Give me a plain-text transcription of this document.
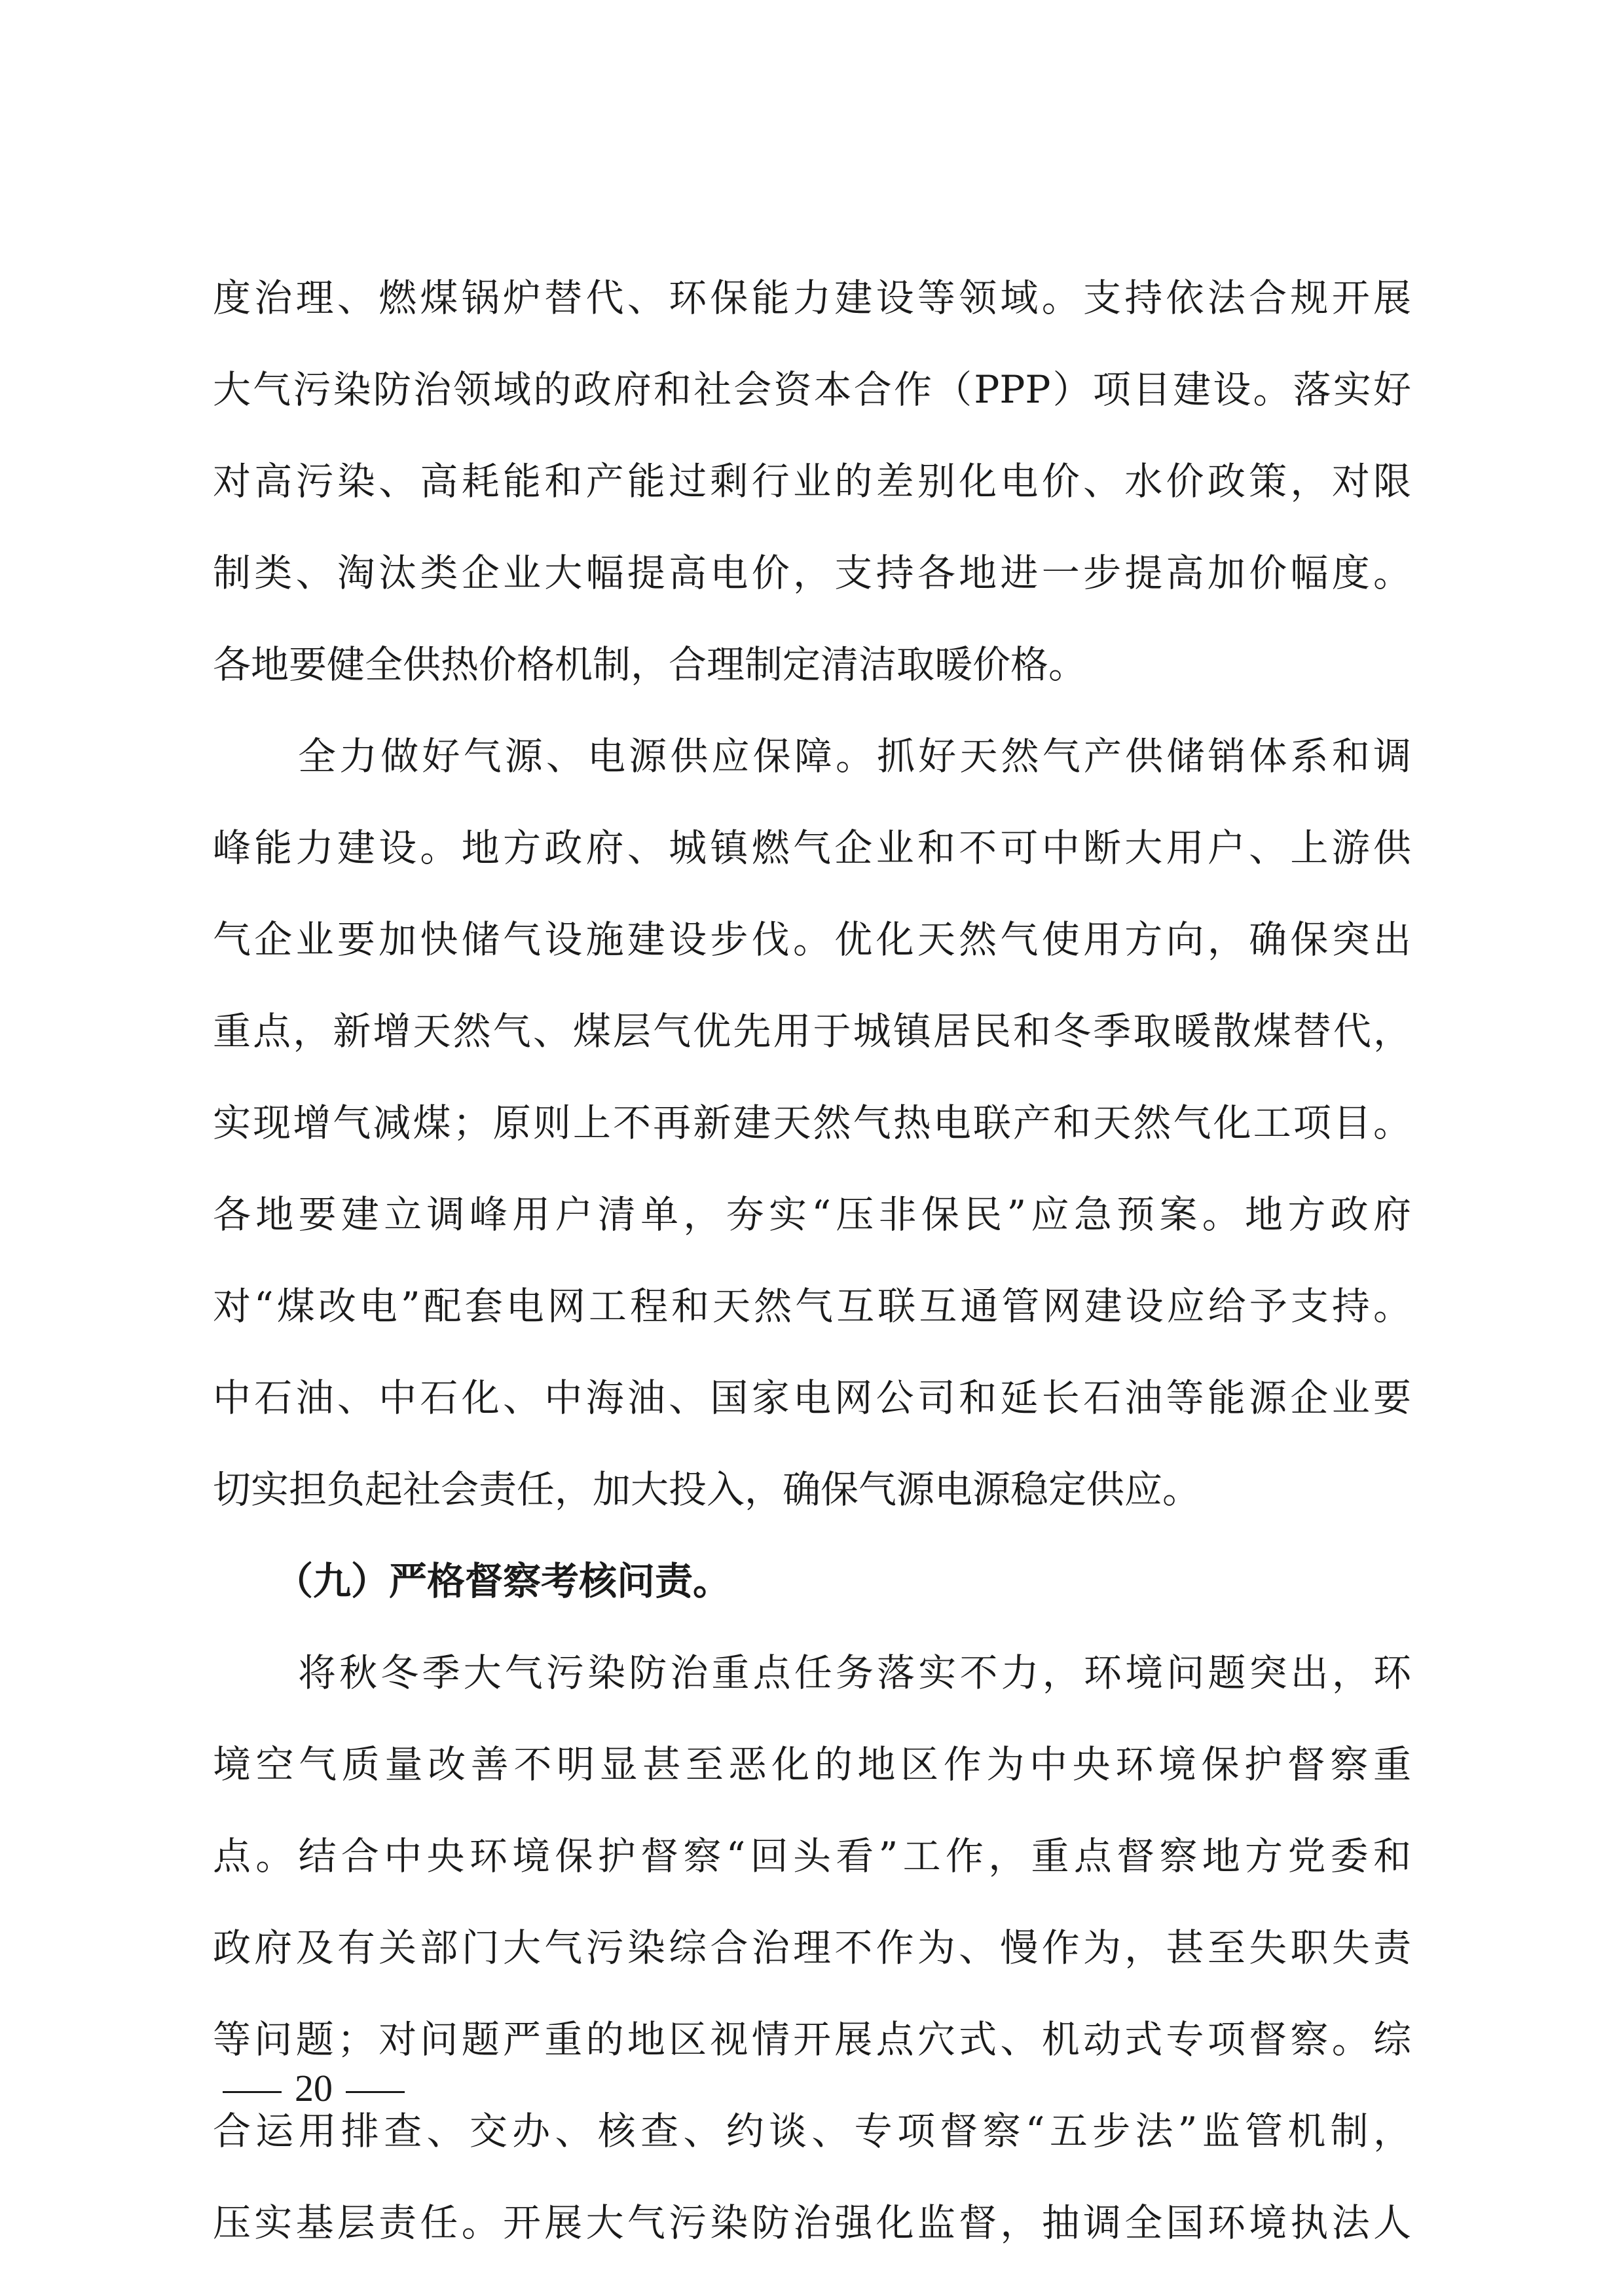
度治理、燃煤锅炉替代、环保能力建设等领域。支持依法合规开展
大气污染防治领域的政府和社会资本合作（PPP）项目建设。落实好
对高污染、高耗能和产能过剩行业的差别化电价、水价政策，对限
制类、淘汰类企业大幅提高电价，支持各地进一步提高加价幅度。
各地要健全供热价格机制，合理制定清洁取暖价格。
全力做好气源、电源供应保障。抓好天然气产供储销体系和调
峰能力建设。地方政府、城镇燃气企业和不可中断大用户、上游供
气企业要加快储气设施建设步伐。优化天然气使用方向，确保突出
重点，新增天然气、煤层气优先用于城镇居民和冬季取暖散煤替代，
实现增气减煤；原则上不再新建天然气热电联产和天然气化工项目。
各地要建立调峰用户清单，夯实“压非保民”应急预案。地方政府
对“煤改电”配套电网工程和天然气互联互通管网建设应给予支持。
中石油、中石化、中海油、国家电网公司和延长石油等能源企业要
切实担负起社会责任，加大投入，确保气源电源稳定供应。
（九）严格督察考核问责。
将秋冬季大气污染防治重点任务落实不力，环境问题突出，环
境空气质量改善不明显甚至恶化的地区作为中央环境保护督察重
点。结合中央环境保护督察“回头看”工作，重点督察地方党委和
政府及有关部门大气污染综合治理不作为、慢作为，甚至失职失责
等问题；对问题严重的地区视情开展点穴式、机动式专项督察。综
合运用排查、交办、核查、约谈、专项督察“五步法”监管机制，
压实基层责任。开展大气污染防治强化监督，抽调全国环境执法人
20
